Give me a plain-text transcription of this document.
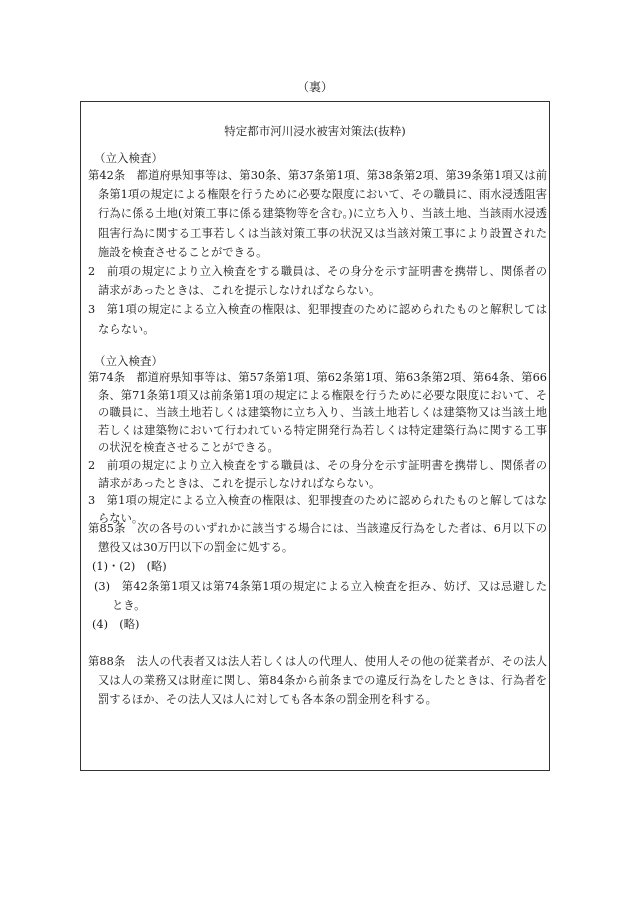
（裏）
特定都市河川浸水被害対策法(抜粋)
（立入検査）

第42条　都道府県知事等は、第30条、第37条第1項、第38条第2項、第39条第1項又は前条第1項の規定による権限を行うために必要な限度において、その職員に、雨水浸透阻害行為に係る土地(対策工事に係る建築物等を含む。)に立ち入り、当該土地、当該雨水浸透阻害行為に関する工事若しくは当該対策工事の状況又は当該対策工事により設置された施設を検査させることができる。

2　前項の規定により立入検査をする職員は、その身分を示す証明書を携帯し、関係者の請求があったときは、これを提示しなければならない。

3　第1項の規定による立入検査の権限は、犯罪捜査のために認められたものと解釈してはならない。

（立入検査）

第74条　都道府県知事等は、第57条第1項、第62条第1項、第63条第2項、第64条、第66条、第71条第1項又は前条第1項の規定による権限を行うために必要な限度において、その職員に、当該土地若しくは建築物に立ち入り、当該土地若しくは建築物又は当該土地若しくは建築物において行われている特定開発行為若しくは特定建築行為に関する工事の状況を検査させることができる。

2　前項の規定により立入検査をする職員は、その身分を示す証明書を携帯し、関係者の請求があったときは、これを提示しなければならない。

3　第1項の規定による立入検査の権限は、犯罪捜査のために認められたものと解してはならない。

第85条　次の各号のいずれかに該当する場合には、当該違反行為をした者は、6月以下の懲役又は30万円以下の罰金に処する。

(1)・(2)　(略)

(3)　第42条第1項又は第74条第1項の規定による立入検査を拒み、妨げ、又は忌避したとき。

(4)　(略)

第88条　法人の代表者又は法人若しくは人の代理人、使用人その他の従業者が、その法人又は人の業務又は財産に関し、第84条から前条までの違反行為をしたときは、行為者を罰するほか、その法人又は人に対しても各本条の罰金刑を科する。
